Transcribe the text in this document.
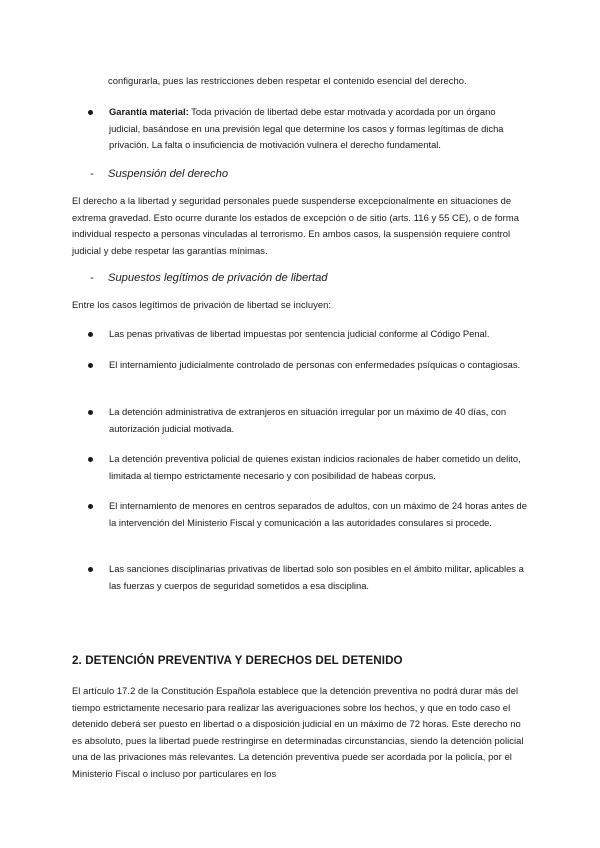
configurarla, pues las restricciones deben respetar el contenido esencial del derecho.

Garantía material: Toda privación de libertad debe estar motivada y acordada por un órgano judicial, basándose en una previsión legal que determine los casos y formas legítimas de dicha privación. La falta o insuficiencia de motivación vulnera el derecho fundamental.

- Suspensión del derecho

El derecho a la libertad y seguridad personales puede suspenderse excepcionalmente en situaciones de extrema gravedad. Esto ocurre durante los estados de excepción o de sitio (arts. 116 y 55 CE), o de forma individual respecto a personas vinculadas al terrorismo. En ambos casos, la suspensión requiere control judicial y debe respetar las garantías mínimas.

- Supuestos legítimos de privación de libertad

Entre los casos legítimos de privación de libertad se incluyen:

Las penas privativas de libertad impuestas por sentencia judicial conforme al Código Penal.

El internamiento judicialmente controlado de personas con enfermedades psíquicas o contagiosas.

La detención administrativa de extranjeros en situación irregular por un máximo de 40 días, con autorización judicial motivada.

La detención preventiva policial de quienes existan indicios racionales de haber cometido un delito, limitada al tiempo estrictamente necesario y con posibilidad de habeas corpus.

El internamiento de menores en centros separados de adultos, con un máximo de 24 horas antes de la intervención del Ministerio Fiscal y comunicación a las autoridades consulares si procede.

Las sanciones disciplinarias privativas de libertad solo son posibles en el ámbito militar, aplicables a las fuerzas y cuerpos de seguridad sometidos a esa disciplina.

2. DETENCIÓN PREVENTIVA Y DERECHOS DEL DETENIDO

El artículo 17.2 de la Constitución Española establece que la detención preventiva no podrá durar más del tiempo estrictamente necesario para realizar las averiguaciones sobre los hechos, y que en todo caso el detenido deberá ser puesto en libertad o a disposición judicial en un máximo de 72 horas. Este derecho no es absoluto, pues la libertad puede restringirse en determinadas circunstancias, siendo la detención policial una de las privaciones más relevantes. La detención preventiva puede ser acordada por la policía, por el Ministerio Fiscal o incluso por particulares en los
